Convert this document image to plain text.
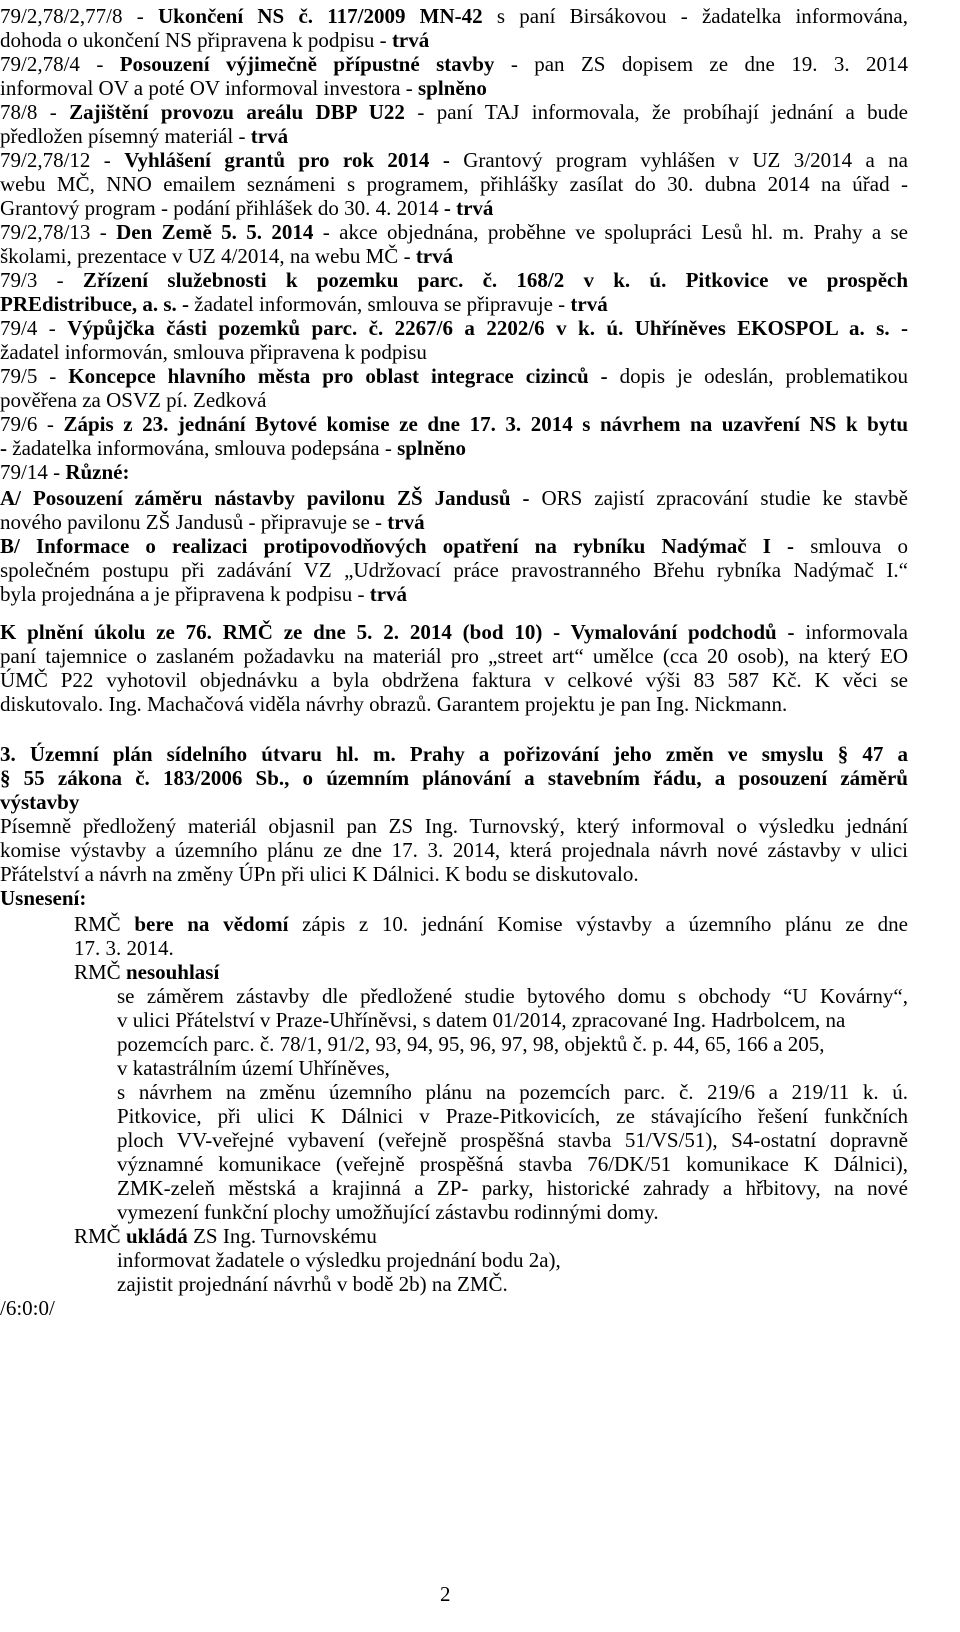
79/2,78/2,77/8 - Ukončení NS č. 117/2009 MN-42 s paní Birsákovou - žadatelka informována,
dohoda o ukončení NS připravena k podpisu - trvá
79/2,78/4 - Posouzení výjimečně přípustné stavby - pan ZS dopisem ze dne 19. 3. 2014
informoval OV a poté OV informoval investora - splněno
78/8 - Zajištění provozu areálu DBP U22 - paní TAJ informovala, že probíhají jednání a bude
předložen písemný materiál - trvá
79/2,78/12 - Vyhlášení grantů pro rok 2014 - Grantový program vyhlášen v UZ 3/2014 a na
webu MČ, NNO emailem seznámeni s programem, přihlášky zasílat do 30. dubna 2014 na úřad -
Grantový program - podání přihlášek do 30. 4. 2014 - trvá
79/2,78/13 - Den Země 5. 5. 2014 - akce objednána, proběhne ve spolupráci Lesů hl. m. Prahy a se
školami, prezentace v UZ 4/2014, na webu MČ - trvá
79/3 - Zřízení služebnosti k pozemku parc. č. 168/2 v k. ú. Pitkovice ve prospěch
PREdistribuce, a. s. - žadatel informován, smlouva se připravuje - trvá
79/4 - Výpůjčka části pozemků parc. č. 2267/6 a 2202/6 v k. ú. Uhříněves EKOSPOL a. s. -
žadatel informován, smlouva připravena k podpisu
79/5 - Koncepce hlavního města pro oblast integrace cizinců - dopis je odeslán, problematikou
pověřena za OSVZ pí. Zedková
79/6 - Zápis z 23. jednání Bytové komise ze dne 17. 3. 2014 s návrhem na uzavření NS k bytu
- žadatelka informována, smlouva podepsána - splněno
79/14 - Různé:
A/ Posouzení záměru nástavby pavilonu ZŠ Jandusů - ORS zajistí zpracování studie ke stavbě
nového pavilonu ZŠ Jandusů - připravuje se - trvá
B/ Informace o realizaci protipovodňových opatření na rybníku Nadýmač I - smlouva o
společném postupu při zadávání VZ „Udržovací práce pravostranného Břehu rybníka Nadýmač I.“
byla projednána a je připravena k podpisu - trvá
K plnění úkolu ze 76. RMČ ze dne 5. 2. 2014 (bod 10) - Vymalování podchodů - informovala
paní tajemnice o zaslaném požadavku na materiál pro „street art“ umělce (cca 20 osob), na který EO
ÚMČ P22 vyhotovil objednávku a byla obdržena faktura v celkové výši 83 587 Kč. K věci se
diskutovalo. Ing. Machačová viděla návrhy obrazů. Garantem projektu je pan Ing. Nickmann.
3. Územní plán sídelního útvaru hl. m. Prahy a pořizování jeho změn ve smyslu § 47 a
§ 55 zákona č. 183/2006 Sb., o územním plánování a stavebním řádu, a posouzení záměrů
výstavby
Písemně předložený materiál objasnil pan ZS Ing. Turnovský, který informoval o výsledku jednání
komise výstavby a územního plánu ze dne 17. 3. 2014, která projednala návrh nové zástavby v ulici
Přátelství a návrh na změny ÚPn při ulici K Dálnici. K bodu se diskutovalo.
Usnesení:
RMČ bere na vědomí zápis z 10. jednání Komise výstavby a územního plánu ze dne
17. 3. 2014.
RMČ nesouhlasí
se záměrem zástavby dle předložené studie bytového domu s obchody “U Kovárny“,
v ulici Přátelství v Praze-Uhříněvsi, s datem 01/2014, zpracované Ing. Hadrbolcem, na
pozemcích parc. č. 78/1, 91/2, 93, 94, 95, 96, 97, 98, objektů č. p. 44, 65, 166 a 205,
v katastrálním území Uhříněves,
s návrhem na změnu územního plánu na pozemcích parc. č. 219/6 a 219/11 k. ú.
Pitkovice, při ulici K Dálnici v Praze-Pitkovicích, ze stávajícího řešení funkčních
ploch VV-veřejné vybavení (veřejně prospěšná stavba 51/VS/51), S4-ostatní dopravně
významné komunikace (veřejně prospěšná stavba 76/DK/51 komunikace K Dálnici),
ZMK-zeleň městská a krajinná a ZP- parky, historické zahrady a hřbitovy, na nové
vymezení funkční plochy umožňující zástavbu rodinnými domy.
RMČ ukládá ZS Ing. Turnovskému
informovat žadatele o výsledku projednání bodu 2a),
zajistit projednání návrhů v bodě 2b) na ZMČ.
/6:0:0/
2
